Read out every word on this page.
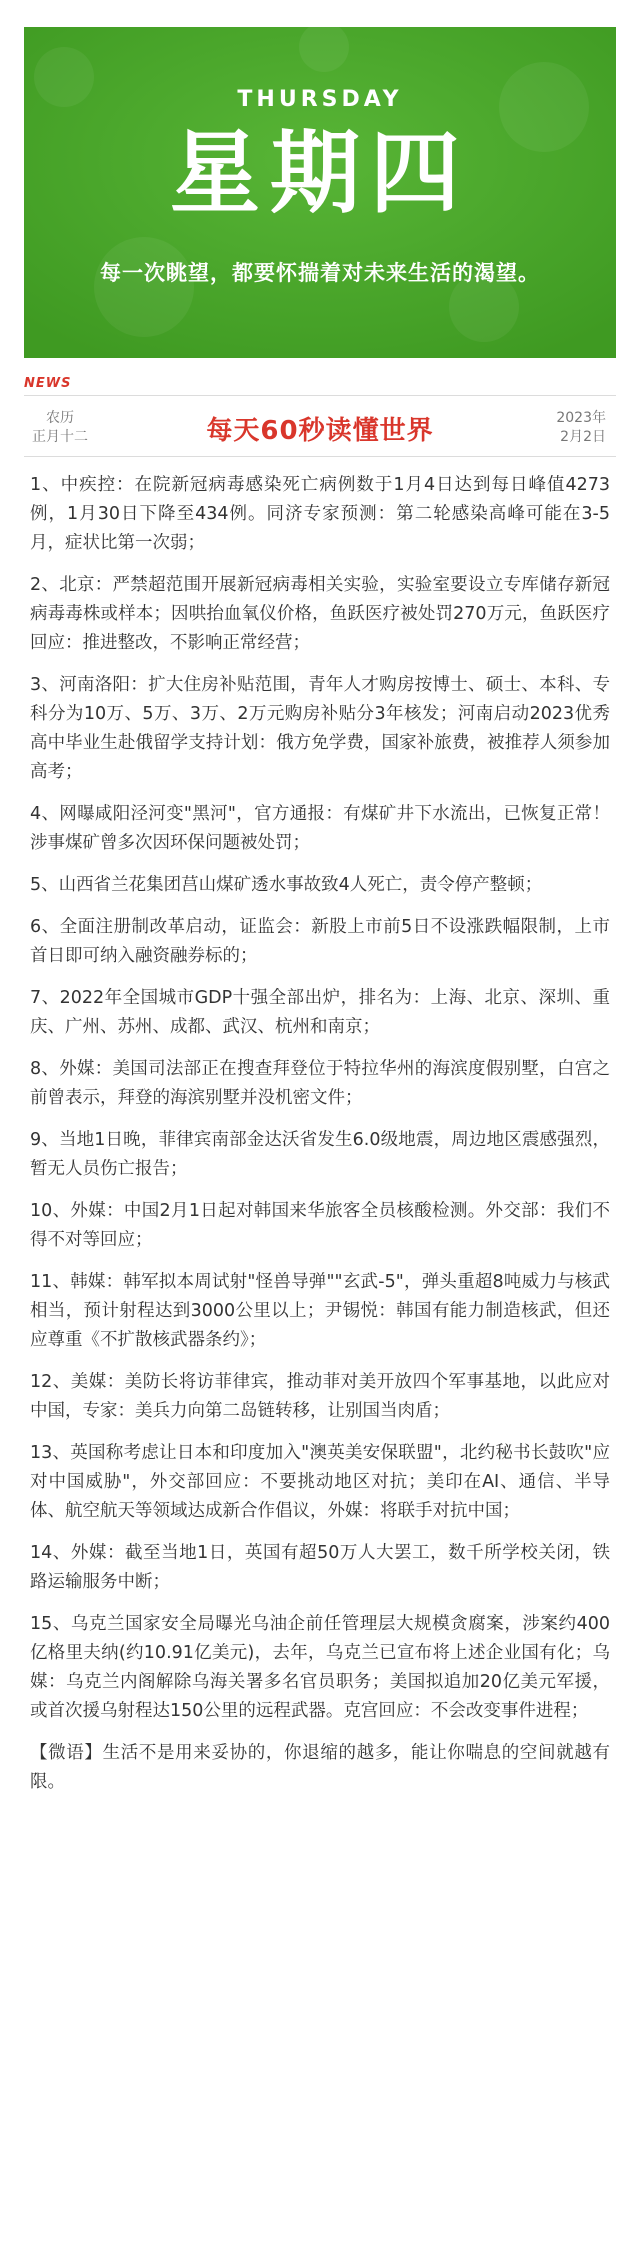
THURSDAY
星期四
每一次眺望，都要怀揣着对未来生活的渴望。
NEWS
农历
正月十二	每天60秒读懂世界	2023年
2月2日

1、中疾控：在院新冠病毒感染死亡病例数于1月4日达到每日峰值4273例，1月30日下降至434例。同济专家预测：第二轮感染高峰可能在3-5月，症状比第一次弱；

2、北京：严禁超范围开展新冠病毒相关实验，实验室要设立专库储存新冠病毒毒株或样本；因哄抬血氧仪价格，鱼跃医疗被处罚270万元，鱼跃医疗回应：推进整改，不影响正常经营；

3、河南洛阳：扩大住房补贴范围，青年人才购房按博士、硕士、本科、专科分为10万、5万、3万、2万元购房补贴分3年核发；河南启动2023优秀高中毕业生赴俄留学支持计划：俄方免学费，国家补旅费，被推荐人须参加高考；

4、网曝咸阳泾河变"黑河"，官方通报：有煤矿井下水流出，已恢复正常！涉事煤矿曾多次因环保问题被处罚；

5、山西省兰花集团莒山煤矿透水事故致4人死亡，责令停产整顿；

6、全面注册制改革启动，证监会：新股上市前5日不设涨跌幅限制，上市首日即可纳入融资融券标的；

7、2022年全国城市GDP十强全部出炉，排名为：上海、北京、深圳、重庆、广州、苏州、成都、武汉、杭州和南京；

8、外媒：美国司法部正在搜查拜登位于特拉华州的海滨度假别墅，白宫之前曾表示，拜登的海滨别墅并没机密文件；

9、当地1日晚，菲律宾南部金达沃省发生6.0级地震，周边地区震感强烈，暂无人员伤亡报告；

10、外媒：中国2月1日起对韩国来华旅客全员核酸检测。外交部：我们不得不对等回应；

11、韩媒：韩军拟本周试射"怪兽导弹""玄武-5"，弹头重超8吨威力与核武相当，预计射程达到3000公里以上；尹锡悦：韩国有能力制造核武，但还应尊重《不扩散核武器条约》；

12、美媒：美防长将访菲律宾，推动菲对美开放四个军事基地，以此应对中国，专家：美兵力向第二岛链转移，让别国当肉盾；

13、英国称考虑让日本和印度加入"澳英美安保联盟"，北约秘书长鼓吹"应对中国威胁"，外交部回应：不要挑动地区对抗；美印在AI、通信、半导体、航空航天等领域达成新合作倡议，外媒：将联手对抗中国；

14、外媒：截至当地1日，英国有超50万人大罢工，数千所学校关闭，铁路运输服务中断；

15、乌克兰国家安全局曝光乌油企前任管理层大规模贪腐案，涉案约400亿格里夫纳(约10.91亿美元)，去年，乌克兰已宣布将上述企业国有化；乌媒：乌克兰内阁解除乌海关署多名官员职务；美国拟追加20亿美元军援，或首次援乌射程达150公里的远程武器。克宫回应：不会改变事件进程；

【微语】生活不是用来妥协的，你退缩的越多，能让你喘息的空间就越有限。
